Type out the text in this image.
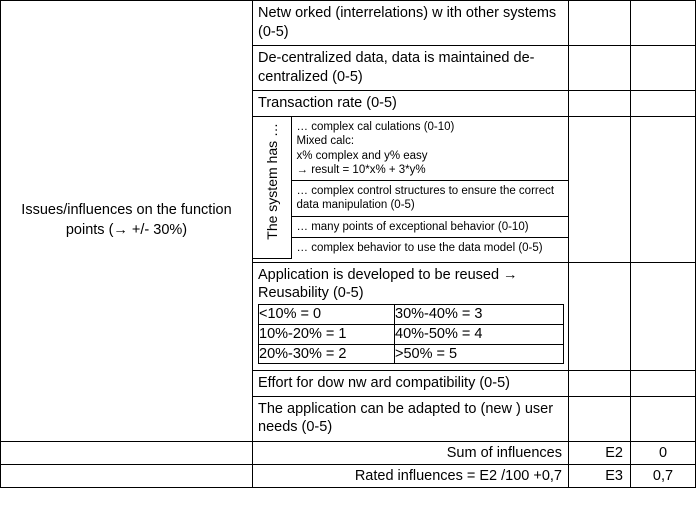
Issues/influences on the function points (→ +/- 30%)

Netw orked (interrelations) w ith other systems (0-5)

De-centralized data, data is maintained de-centralized (0-5)

Transaction rate (0-5)

The system has …	… complex cal culations (0-10)
Mixed calc:
x% complex and y% easy
→ result = 10*x% + 3*y%

… complex control structures to ensure the correct data manipulation (0-5)

… many points of exceptional behavior (0-10)

… complex behavior to use the data model (0-5)

Application is developed to be reused →
Reusability (0-5)
<10% = 0	30%-40% = 3
10%-20% = 1	40%-50% = 4
20%-30% = 2	>50% = 5

Effort for dow nw ard compatibility (0-5)

The application can be adapted to (new ) user needs (0-5)

Sum of influences	E2	0

Rated influences = E2 /100 +0,7	E3	0,7
